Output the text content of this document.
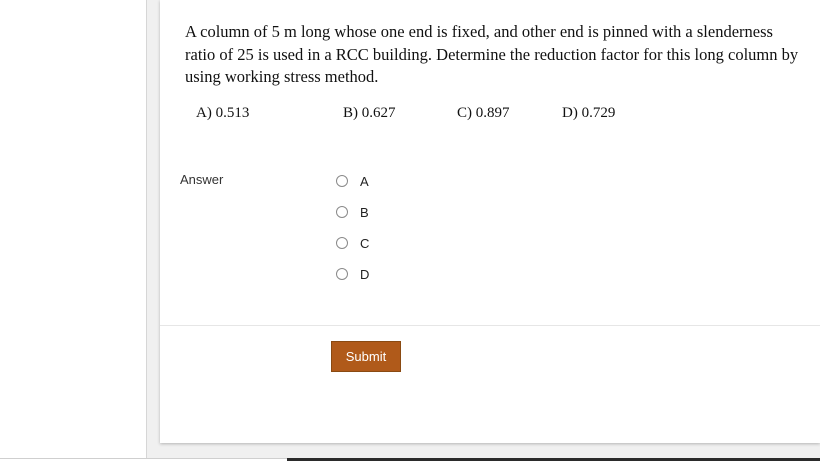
A column of 5 m long whose one end is fixed, and other end is pinned with a slenderness ratio of 25 is used in a RCC building. Determine the reduction factor for this long column by using working stress method.
A) 0.513	B) 0.627	C) 0.897	D) 0.729
Answer	A
B
C
D
Submit
